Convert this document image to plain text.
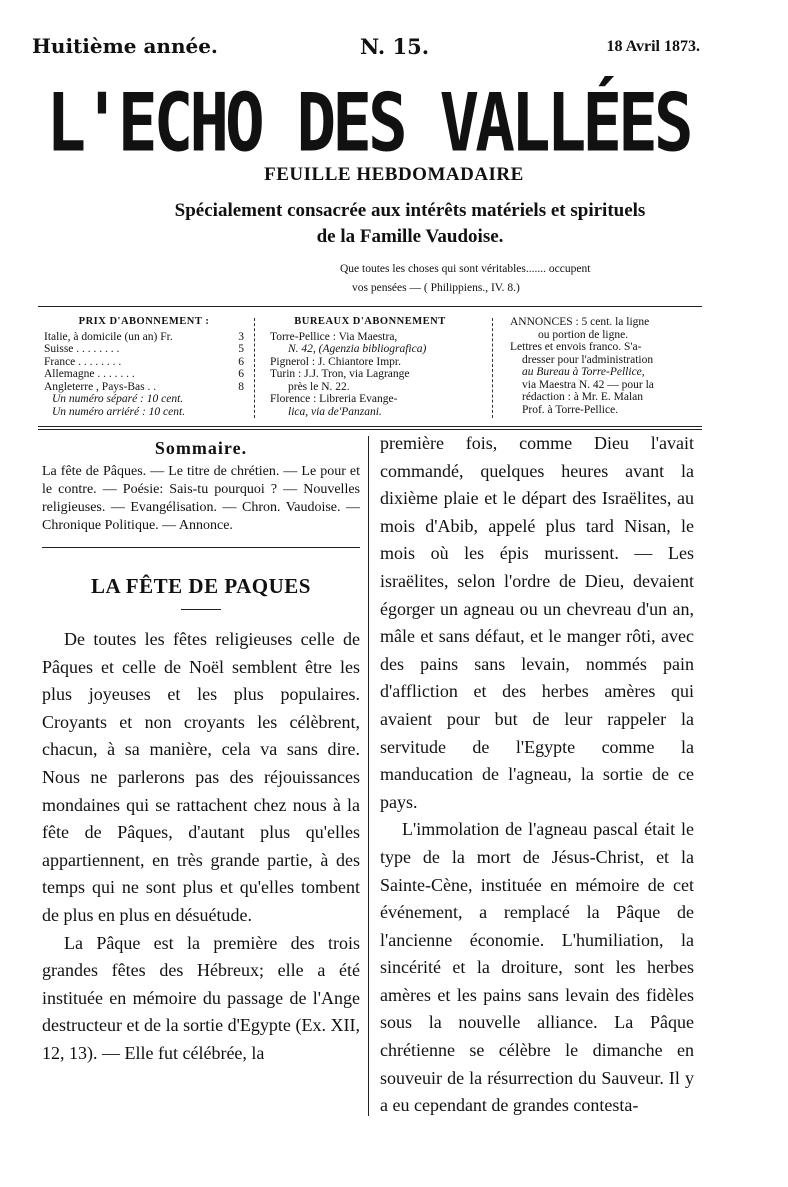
Huitième année.	N. 15.	18 Avril 1873.
L'ECHO DES VALLÉES
FEUILLE HEBDOMADAIRE
Spécialement consacrée aux intérêts matériels et spirituels
de la Famille Vaudoise.
Que toutes les choses qui sont véritables....... occupent
vos pensées — ( Philippiens., IV. 8.)
PRIX D'ABONNEMENT :
Italie, à domicile (un an) Fr.	3
Suisse . . . . . . . .	5
France . . . . . . . .	6
Allemagne . . . . . . .	6
Angleterre , Pays-Bas . .	8
Un numéro séparé : 10 cent.
Un numéro arriéré : 10 cent.
BUREAUX D'ABONNEMENT
Torre-Pellice : Via Maestra,
N. 42, (Agenzia bibliografica)
Pignerol : J. Chiantore Impr.
Turin : J.J. Tron, via Lagrange
près le N. 22.
Florence : Libreria Evange-
lica, via de'Panzani.
ANNONCES : 5 cent. la ligne
ou portion de ligne.
Lettres et envois franco. S'a-
dresser pour l'administration
au Bureau à Torre-Pellice,
via Maestra N. 42 — pour la
rédaction : à Mr. E. Malan
Prof. à Torre-Pellice.
Sommaire.
La fête de Pâques. — Le titre de chrétien. — Le pour et le contre. — Poésie: Sais-tu pourquoi ? — Nouvelles religieuses. — Evangélisation. — Chron. Vaudoise. — Chronique Politique. — Annonce.
LA FÊTE DE PAQUES

De toutes les fêtes religieuses celle de Pâques et celle de Noël semblent être les plus joyeuses et les plus populaires. Croyants et non croyants les célèbrent, chacun, à sa manière, cela va sans dire. Nous ne parlerons pas des réjouissances mondaines qui se rattachent chez nous à la fête de Pâques, d'autant plus qu'elles appartiennent, en très grande partie, à des temps qui ne sont plus et qu'elles tombent de plus en plus en désuétude.

La Pâque est la première des trois grandes fêtes des Hébreux; elle a été instituée en mémoire du passage de l'Ange destructeur et de la sortie d'Egypte (Ex. XII, 12, 13). — Elle fut célébrée, la

première fois, comme Dieu l'avait commandé, quelques heures avant la dixième plaie et le départ des Israëlites, au mois d'Abib, appelé plus tard Nisan, le mois où les épis murissent. — Les israëlites, selon l'ordre de Dieu, devaient égorger un agneau ou un chevreau d'un an, mâle et sans défaut, et le manger rôti, avec des pains sans levain, nommés pain d'affliction et des herbes amères qui avaient pour but de leur rappeler la servitude de l'Egypte comme la manducation de l'agneau, la sortie de ce pays.

L'immolation de l'agneau pascal était le type de la mort de Jésus-Christ, et la Sainte-Cène, instituée en mémoire de cet événement, a remplacé la Pâque de l'ancienne économie. L'humiliation, la sincérité et la droiture, sont les herbes amères et les pains sans levain des fidèles sous la nouvelle alliance. La Pâque chrétienne se célèbre le dimanche en souveuir de la résurrection du Sauveur. Il y a eu cependant de grandes contesta-
